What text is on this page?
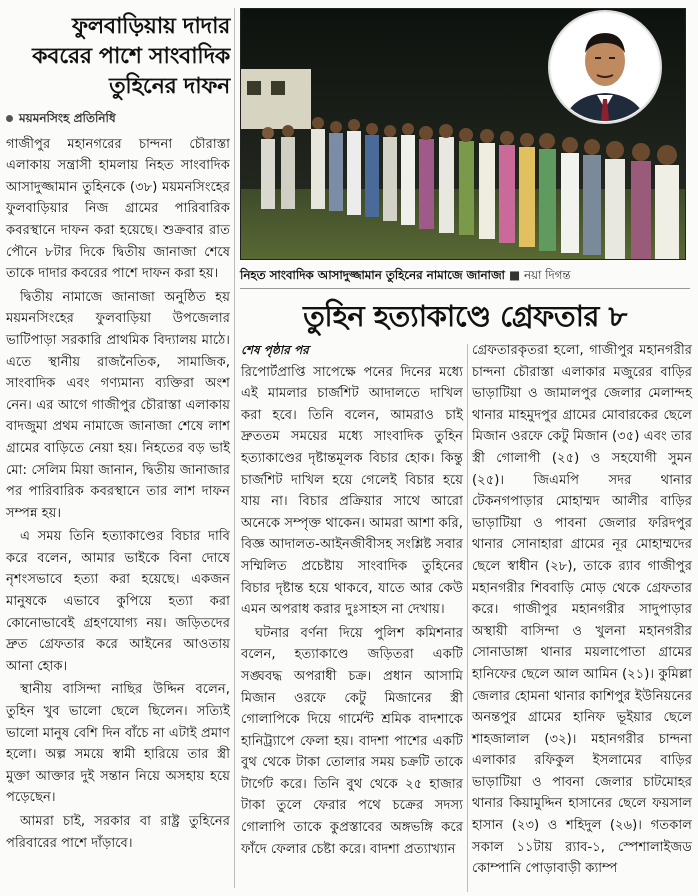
ফুলবাড়িয়ায় দাদার কবরের পাশে সাংবাদিক তুহিনের দাফন
ময়মনসিংহ প্রতিনিধি

গাজীপুর মহানগরের চান্দনা চৌরাস্তা এলাকায় সন্ত্রাসী হামলায় নিহত সাংবাদিক আসাদুজ্জামান তুহিনকে (৩৮) ময়মনসিংহের ফুলবাড়িয়ার নিজ গ্রামের পারিবারিক কবরস্থানে দাফন করা হয়েছে। শুক্রবার রাত পৌনে ৮টার দিকে দ্বিতীয় জানাজা শেষে তাকে দাদার কবরের পাশে দাফন করা হয়।

দ্বিতীয় নামাজে জানাজা অনুষ্ঠিত হয় ময়মনসিংহের ফুলবাড়িয়া উপজেলার ভাটিপাড়া সরকারি প্রাথমিক বিদ্যালয় মাঠে। এতে স্থানীয় রাজনৈতিক, সামাজিক, সাংবাদিক এবং গণ্যমান্য ব্যক্তিরা অংশ নেন। এর আগে গাজীপুর চৌরাস্তা এলাকায় বাদজুমা প্রথম নামাজে জানাজা শেষে লাশ গ্রামের বাড়িতে নেয়া হয়। নিহতের বড় ভাই মো: সেলিম মিয়া জানান, দ্বিতীয় জানাজার পর পারিবারিক কবরস্থানে তার লাশ দাফন সম্পন্ন হয়।

এ সময় তিনি হত্যাকাণ্ডের বিচার দাবি করে বলেন, আমার ভাইকে বিনা দোষে নৃশংসভাবে হত্যা করা হয়েছে। একজন মানুষকে এভাবে কুপিয়ে হত্যা করা কোনোভাবেই গ্রহণযোগ্য নয়। জড়িতদের দ্রুত গ্রেফতার করে আইনের আওতায় আনা হোক।

স্থানীয় বাসিন্দা নাছির উদ্দিন বলেন, তুহিন খুব ভালো ছেলে ছিলেন। সত্যিই ভালো মানুষ বেশি দিন বাঁচে না এটাই প্রমাণ হলো। অল্প সময়ে স্বামী হারিয়ে তার স্ত্রী মুক্তা আক্তার দুই সন্তান নিয়ে অসহায় হয়ে পড়েছেন।

আমরা চাই, সরকার বা রাষ্ট্র তুহিনের পরিবারের পাশে দাঁড়াবে।

নিহত সাংবাদিক আসাদুজ্জামান তুহিনের নামাজে জানাজা ■ নয়া দিগন্ত
তুহিন হত্যাকাণ্ডে গ্রেফতার ৮
শেষ পৃষ্ঠার পর

রিপোর্টপ্রাপ্তি সাপেক্ষে পনের দিনের মধ্যে এই মামলার চার্জশিট আদালতে দাখিল করা হবে। তিনি বলেন, আমরাও চাই দ্রুততম সময়ের মধ্যে সাংবাদিক তুহিন হত্যাকাণ্ডের দৃষ্টান্তমূলক বিচার হোক। কিন্তু চার্জশিট দাখিল হয়ে গেলেই বিচার হয়ে যায় না। বিচার প্রক্রিয়ার সাথে আরো অনেকে সম্পৃক্ত থাকেন। আমরা আশা করি, বিজ্ঞ আদালত-আইনজীবীসহ সংশ্লিষ্ট সবার সম্মিলিত প্রচেষ্টায় সাংবাদিক তুহিনের বিচার দৃষ্টান্ত হয়ে থাকবে, যাতে আর কেউ এমন অপরাধ করার দুঃসাহস না দেখায়।

ঘটনার বর্ণনা দিয়ে পুলিশ কমিশনার বলেন, হত্যাকাণ্ডে জড়িতরা একটি সঙ্ঘবদ্ধ অপরাধী চক্র। প্রধান আসামি মিজান ওরফে কেটু মিজানের স্ত্রী গোলাপিকে দিয়ে গার্মেন্ট শ্রমিক বাদশাকে হানিট্র্যাপে ফেলা হয়। বাদশা পাশের একটি বুথ থেকে টাকা তোলার সময় চক্রটি তাকে টার্গেট করে। তিনি বুথ থেকে ২৫ হাজার টাকা তুলে ফেরার পথে চক্রের সদস্য গোলাপি তাকে কুপ্রস্তাবের অঙ্গভঙ্গি করে ফাঁদে ফেলার চেষ্টা করে। বাদশা প্রত্যাখ্যান

গ্রেফতারকৃতরা হলো, গাজীপুর মহানগরীর চান্দনা চৌরাস্তা এলাকার মজুরের বাড়ির ভাড়াটিয়া ও জামালপুর জেলার মেলান্দহ থানার মাহমুদপুর গ্রামের মোবারকের ছেলে মিজান ওরফে কেটু মিজান (৩৫) এবং তার স্ত্রী গোলাপী (২৫) ও সহযোগী সুমন (২৫)। জিএমপি সদর থানার টেকনগপাড়ার মোহাম্মদ আলীর বাড়ির ভাড়াটিয়া ও পাবনা জেলার ফরিদপুর থানার সোনাহারা গ্রামের নূর মোহাম্মদের ছেলে স্বাধীন (২৮), তাকে র‌্যাব গাজীপুর মহানগরীর শিববাড়ি মোড় থেকে গ্রেফতার করে। গাজীপুর মহানগরীর সাদুপাড়ার অস্থায়ী বাসিন্দা ও খুলনা মহানগরীর সোনাডাঙ্গা থানার ময়লাপোতা গ্রামের হানিফের ছেলে আল আমিন (২১)। কুমিল্লা জেলার হোমনা থানার কাশিপুর ইউনিয়নের অনন্তপুর গ্রামের হানিফ ভূইয়ার ছেলে শাহজালাল (৩২)। মহানগরীর চান্দনা এলাকার রফিকুল ইসলামের বাড়ির ভাড়াটিয়া ও পাবনা জেলার চাটমোহর থানার কিয়ামুদ্দিন হাসানের ছেলে ফয়সাল হাসান (২৩) ও শহিদুল (২৬)। গতকাল সকাল ১১টায় র‌্যাব-১, স্পেশালাইজড কোম্পানি পোড়াবাড়ী ক্যাম্প
